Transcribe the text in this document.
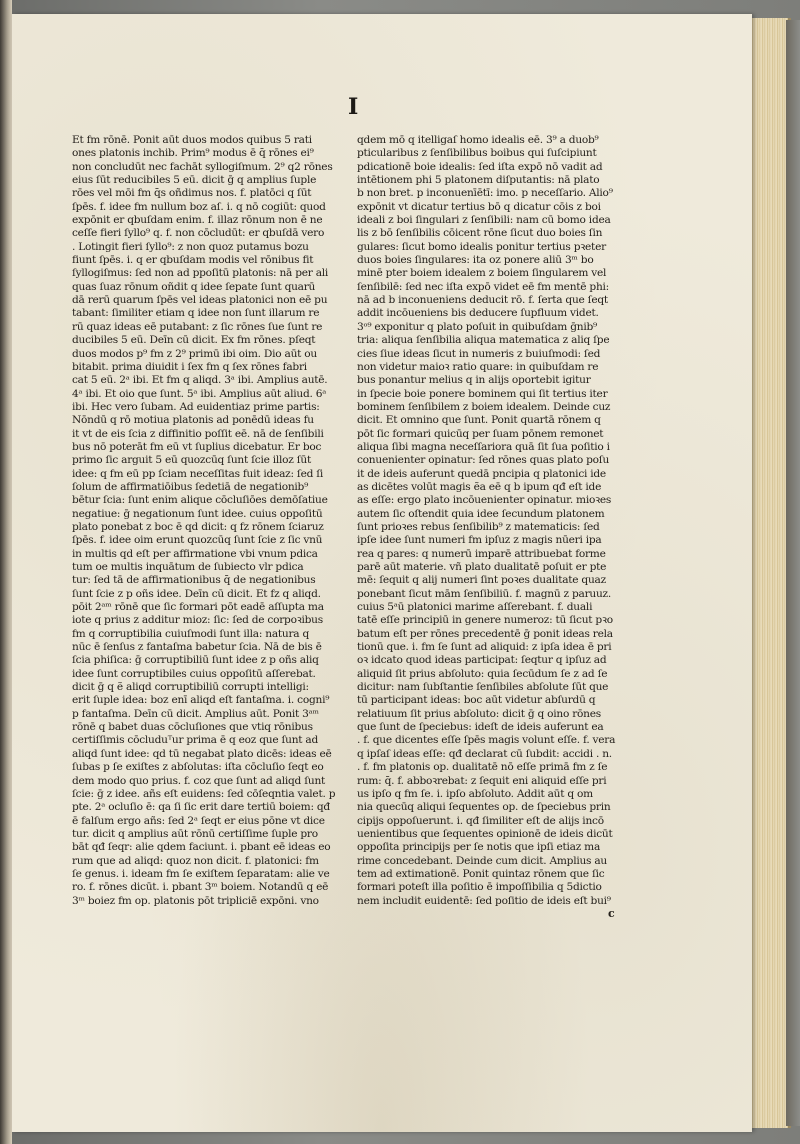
I
Et fm rōnē. Ponit aūt duos modos quibus 5 rati
ones platonis inchib. Prim⁹ modus ē q̄ rōnes ei⁹
non concludūt nec fachāt syllogiſmum. 2⁹ q2 rōnes
eius ſūt reducibiles 5 eū. dicit ḡ q amplius ſuple
rōes vel mōi fm q̄s oñdimus nos. f. platōci q ſūt
ſpēs. f. idee fm nullum boz aſ. i. q nō cogiūt: quod
expōnit er qbuſdam enim. f. illaz rōnum non ē ne
ceſſe fieri ſyllo⁹ q. f. non cōcludūt: er qbuſdā vero
. Lotingit fieri ſyllo⁹: z non quoz putamus bozu
fiunt ſpēs. i. q er qbuſdam modis vel rōnibus fit
ſyllogiſmus: ſed non ad ppoſitū platonis: nā per ali
quas ſuaz rōnum oñdit q idee ſepate ſunt quarū
dā rerū quarum ſpēs vel ideas platonici non eē pu
tabant: ſimiliter etiam q idee non ſunt illarum re
rū quaz ideas eē putabant: z ſic rōnes ſue ſunt re
ducibiles 5 eū. Deīn cū dicit. Ex fm rōnes. pſeqt
duos modos p⁹ fm z 2⁹ primū ibi oim. Dio aūt ou
bitabit. prima diuidit i ſex fm q ſex rōnes fabri
cat 5 eū. 2ᵃ ibi. Et fm q aliqd. 3ᵃ ibi. Amplius autē.
4ᵃ ibi. Et oio que ſunt. 5ᵃ ibi. Amplius aūt aliud. 6ᵃ
ibi. Hec vero ſubam. Ad euidentiaz prime partis:
Nōndū q rō motiua platonis ad ponēdū ideas fu
it vt de eis ſcia z diffinitio poſſit eē. nā de ſenſibili
bus nō poterāt fm eū vt ſuplius dicebatur. Er boc
primo ſic arguit 5 eū quozcūq ſunt ſcie illoz ſūt
idee: q fm eū pp ſciam neceſſitas fuit ideaz: ſed ſi
ſolum de affirmatiōibus ſedetiā de negationib⁹
bētur ſcia: ſunt enim alique cōcluſiōes demōſatiue
negatiue: ḡ negationum ſunt idee. cuius oppoſitū
plato ponebat z boc ē qd dicit: q fz rōnem ſciaruz
ſpēs. f. idee oim erunt quozcūq ſunt ſcie z ſic vnū
in multis qd eſt per affirmatione vbi vnum pdica
tum oe multis inquātum de ſubiecto vlr pdica
tur: ſed tā de affirmationibus q̄ de negationibus
ſunt ſcie z p oñs idee. Deīn cū dicit. Et fz q aliqd.
pōit 2ᵃᵐ rōnē que ſic formari pōt eadē aſſupta ma
iote q prius z additur mioz: ſic: ſed de corpoꝛibus
fm q corruptibilia cuiuſmodi ſunt illa: natura q
nūc ē ſenſus z fantaſma babetur ſcia. Nā de bis ē
ſcia phiſica: ḡ corruptibiliū ſunt idee z p oñs aliq
idee ſunt corruptibiles cuius oppoſitū aſſerebat.
dicit ḡ q ẽ aliqd corruptibiliū corrupti intelligi:
erit ſuple idea: boz enī aliqd eſt fantaſma. i. cogni⁹
p fantaſma. Deīn cū dicit. Amplius aūt. Ponit 3ᵃᵐ
rōnē q babet duas cōcluſiones que vtiq rōnibus
certiſſimis cōcluduᵀur prima ē q eoz que ſunt ad
aliqd ſunt idee: qd tū negabat plato dicēs: ideas eē
ſubas p ſe exiſtes z abſolutas: iſta cōcluſio ſeqt eo
dem modo quo prius. f. coz que ſunt ad aliqd ſunt
ſcie: ḡ z idee. añs eſt euidens: ſed cōſeqntia valet. p
pte. 2ᵃ ocluſio ē: qa ſi ſic erit dare tertiū boiem: qđ
ē falſum ergo añs: ſed 2ᵃ ſeqt er eius pōne vt dice
tur. dicit q amplius aūt rōnū certiſſime ſuple pro
bāt qđ ſeqr: alie qdem faciunt. i. pbant eē ideas eo
rum que ad aliqd: quoz non dicit. f. platonici: fm
ſe genus. i. ideam fm ſe exiſtem ſeparatam: alie ve
ro. f. rōnes dicūt. i. pbant 3ᵐ boiem. Notandū q eē
3ᵐ boiez fm op. platonis pōt tripliciē expōni. vno
qdem mō q itelligaſ homo idealis eē. 3⁹ a duob⁹
pticularibus z ſenſibilibus boibus qui ſuſcipiunt
pdicationē boie idealis: ſed iſta expō nō vadit ad
intētionem phi 5 platonem diſputantis: nā plato
b non bret. p inconuenīētī: imo. p neceſſario. Alio⁹
expōnit vt dicatur tertius bō q dicatur cōis z boi
ideali z boi ſingulari z ſenſibili: nam cū bomo idea
lis z bō ſenſibilis cōicent rōne ſicut duo boies ſin
gulares: ſicut bomo idealis ponitur tertius pꝛeter
duos boies ſingulares: ita oz ponere aliū 3ᵐ bo
minē pter boiem idealem z boiem ſingularem vel
ſenſibilē: ſed nec iſta expō videt eē fm mentē phi:
nā ad b inconueniens deducit rō. f. ſerta que ſeqt
addit incōueniens bis deducere ſupfluum videt.
3ᵒ⁹ exponitur q plato poſuit in quibuſdam ḡnib⁹
tria: aliqua ſenſibilia aliqua matematica z aliq ſpe
cies ſiue ideas ſicut in numeris z buiuſmodi: ſed
non videtur maioꝛ ratio quare: in quibuſdam re
bus ponantur melius q in alijs oportebit igitur
in ſpecie boie ponere bominem qui ſit tertius iter
bominem ſenſibilem z boiem idealem. Deinde cuz
dicit. Et omnino que ſunt. Ponit quartā rōnem q
pōt ſic formari quicūq per ſuam pōnem remonet
aliqua ſibi magna neceſſariora quā ſit ſua poſitio i
conuenienter opinatur: ſed rōnes quas plato poſu
it de ideis auferunt quedā pncipia q platonici ide
as dicētes volūt magis ẽa eē q b ipum qđ eſt ide
as eſſe: ergo plato incōuenienter opinatur. mioꝛes
autem ſic oſtendit quia idee ſecundum platonem
ſunt prioꝛes rebus ſenſibilib⁹ z matematicis: ſed
ipſe idee ſunt numeri fm ipſuz z magis nūeri ipa
rea q pares: q numerū imparē attribuebat forme
parē aūt materie. vñ plato dualitatē poſuit er pte
mē: ſequit q alij numeri ſint poꝛes dualitate quaz
ponebant ſicut mām ſenſibiliū. f. magnū z paruuz.
cuius 5ᵃū platonici marime aſſerebant. f. duali
tatē eſſe principiū in genere numeroz: tū ſicut pꝛo
batum eſt per rōnes precedentē ḡ ponit ideas rela
tionū que. i. fm ſe ſunt ad aliquid: z ipſa idea ē pri
oꝛ idcato quod ideas participat: ſeqtur q ipſuz ad
aliquid ſit prius abſoluto: quia ſecūdum ſe z ad ſe
dicitur: nam ſubſtantie ſenſibiles abſolute ſūt que
tū participant ideas: boc aūt videtur abſurdū q
relatiuum ſit prius abſoluto: dicit ḡ q oino rōnes
que ſunt de ſpeciebus: ideſt de ideis auferunt ea
. f. que dicentes eſſe ſpēs magis volunt eſſe. f. vera
q ipſaſ ideas eſſe: qđ declarat cū ſubdit: accidi . n.
. f. fm platonis op. dualitatē nō eſſe primā fm z ſe
rum: q̄. f. abboꝛrebat: z ſequit eni aliquid eſſe pri
us ipſo q fm ſe. i. ipſo abſoluto. Addit aūt q om
nia quecūq aliqui ſequentes op. de ſpeciebus prin
cipijs oppoſuerunt. i. qđ ſimiliter eſt de alijs incō
uenientibus que ſequentes opinionē de ideis dicūt
oppoſita principijs per ſe notis que ipſi etiaz ma
rime concedebant. Deinde cum dicit. Amplius au
tem ad extimationē. Ponit quintaz rōnem que ſic
formari poteſt illa poſitio ē impoſſibilia q 5dictio
nem includit euidentē: ſed poſitio de ideis eſt bui⁹
c
